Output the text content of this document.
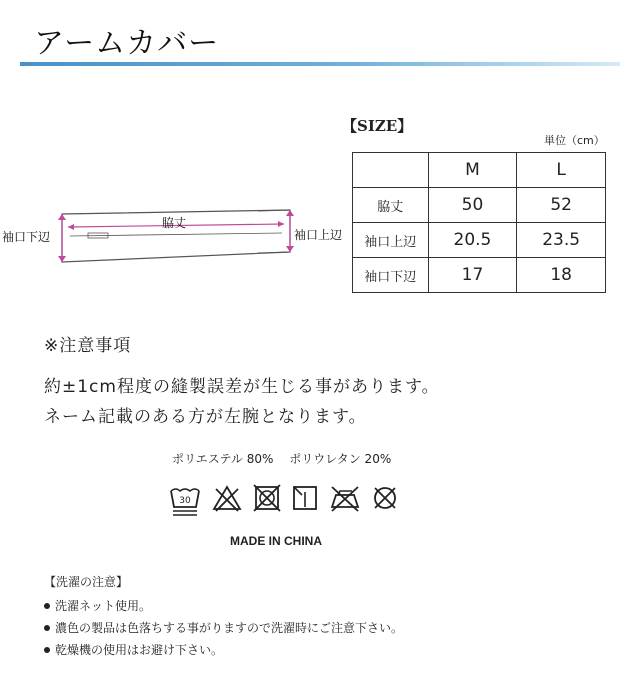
アームカバー
袖口下辺
脇丈
袖口上辺
【SIZE】
単位（cm）
	M	L
脇丈	50	52
袖口上辺	20.5	23.5
袖口下辺	17	18
※注意事項
約±1cm程度の縫製誤差が生じる事があります。
ネーム記載のある方が左腕となります。
ポリエステル 80%　 ポリウレタン 20%
30
MADE IN CHINA
【洗濯の注意】
洗濯ネット使用。
濃色の製品は色落ちする事がりますので洗濯時にご注意下さい。
乾燥機の使用はお避け下さい。
